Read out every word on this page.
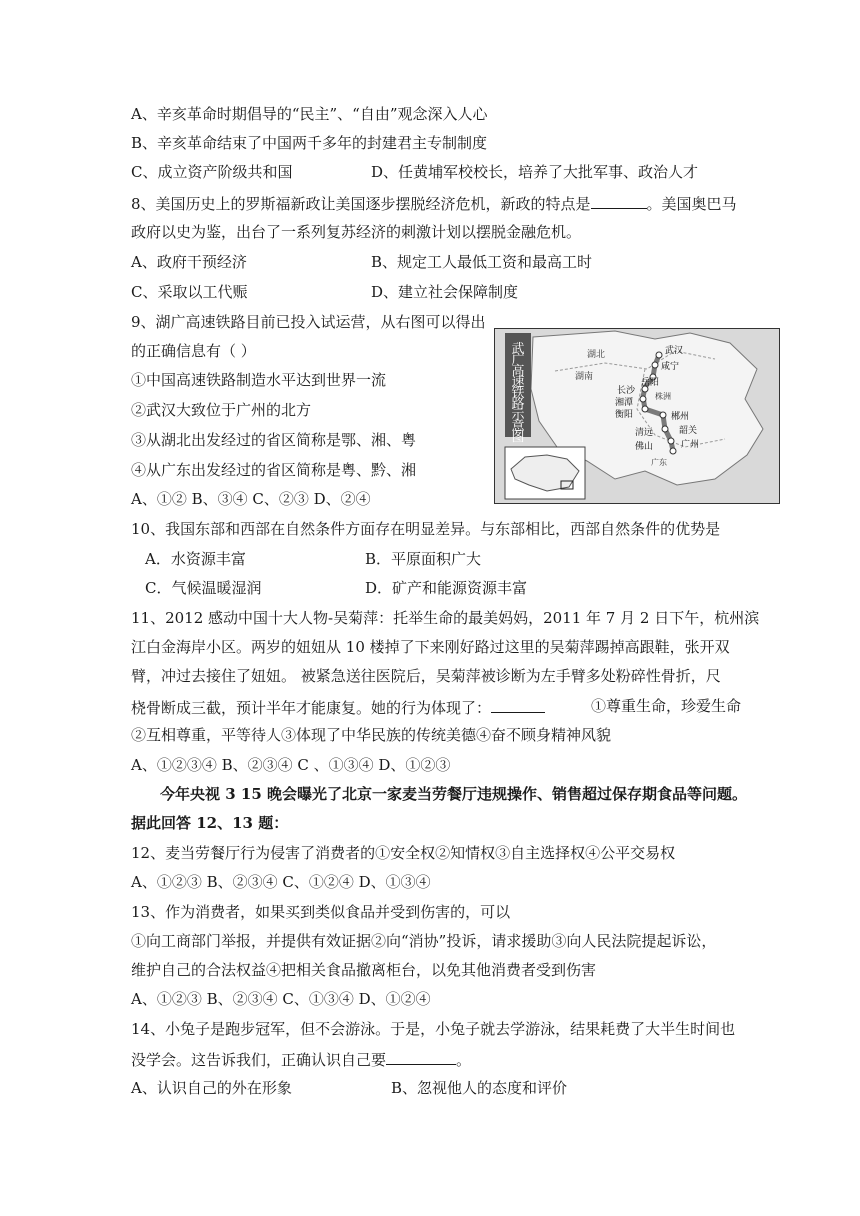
A、辛亥革命时期倡导的“民主”、“自由”观念深入人心
B、辛亥革命结束了中国两千多年的封建君主专制制度
C、成立资产阶级共和国	D、任黄埔军校校长，培养了大批军事、政治人才
8、美国历史上的罗斯福新政让美国逐步摆脱经济危机，新政的特点是	。美国奥巴马
政府以史为鉴，出台了一系列复苏经济的刺激计划以摆脱金融危机。
A、政府干预经济	B、规定工人最低工资和最高工时
C、采取以工代赈	D、建立社会保障制度
9、湖广高速铁路目前已投入试运营，从右图可以得出
的正确信息有（ ）
①中国高速铁路制造水平达到世界一流
②武汉大致位于广州的北方
③从湖北出发经过的省区简称是鄂、湘、粤
④从广东出发经过的省区简称是粤、黔、湘
A、①② B、③④ C、②③ D、②④
武广高速铁路示意图
湖北	武汉
咸宁
岳阳
湖南
长沙
湘潭
株洲
衡阳	郴州
韶关
清远
佛山	广州
广东
10、我国东部和西部在自然条件方面存在明显差异。与东部相比，西部自然条件的优势是
A．水资源丰富	B．平原面积广大
C．气候温暖湿润	D．矿产和能源资源丰富
11、2012 感动中国十大人物-吴菊萍：托举生命的最美妈妈，2011 年 7 月 2 日下午，杭州滨
江白金海岸小区。两岁的妞妞从 10 楼掉了下来刚好路过这里的吴菊萍踢掉高跟鞋，张开双
臂，冲过去接住了妞妞。 被紧急送往医院后，吴菊萍被诊断为左手臂多处粉碎性骨折，尺
桡骨断成三截，预计半年才能康复。她的行为体现了：	①尊重生命，珍爱生命
②互相尊重，平等待人③体现了中华民族的传统美德④奋不顾身精神风貌
A、①②③④ B、②③④ C 、①③④ D、①②③
今年央视 3 15 晚会曝光了北京一家麦当劳餐厅违规操作、销售超过保存期食品等问题。
据此回答 12、13 题：
12、麦当劳餐厅行为侵害了消费者的①安全权②知情权③自主选择权④公平交易权
A、①②③ B、②③④ C、①②④ D、①③④
13、作为消费者，如果买到类似食品并受到伤害的，可以
①向工商部门举报，并提供有效证据②向“消协”投诉，请求援助③向人民法院提起诉讼，
维护自己的合法权益④把相关食品撤离柜台，以免其他消费者受到伤害
A、①②③ B、②③④ C、①③④ D、①②④
14、小兔子是跑步冠军，但不会游泳。于是，小兔子就去学游泳，结果耗费了大半生时间也
没学会。这告诉我们，正确认识自己要	。
A、认识自己的外在形象	B、忽视他人的态度和评价
